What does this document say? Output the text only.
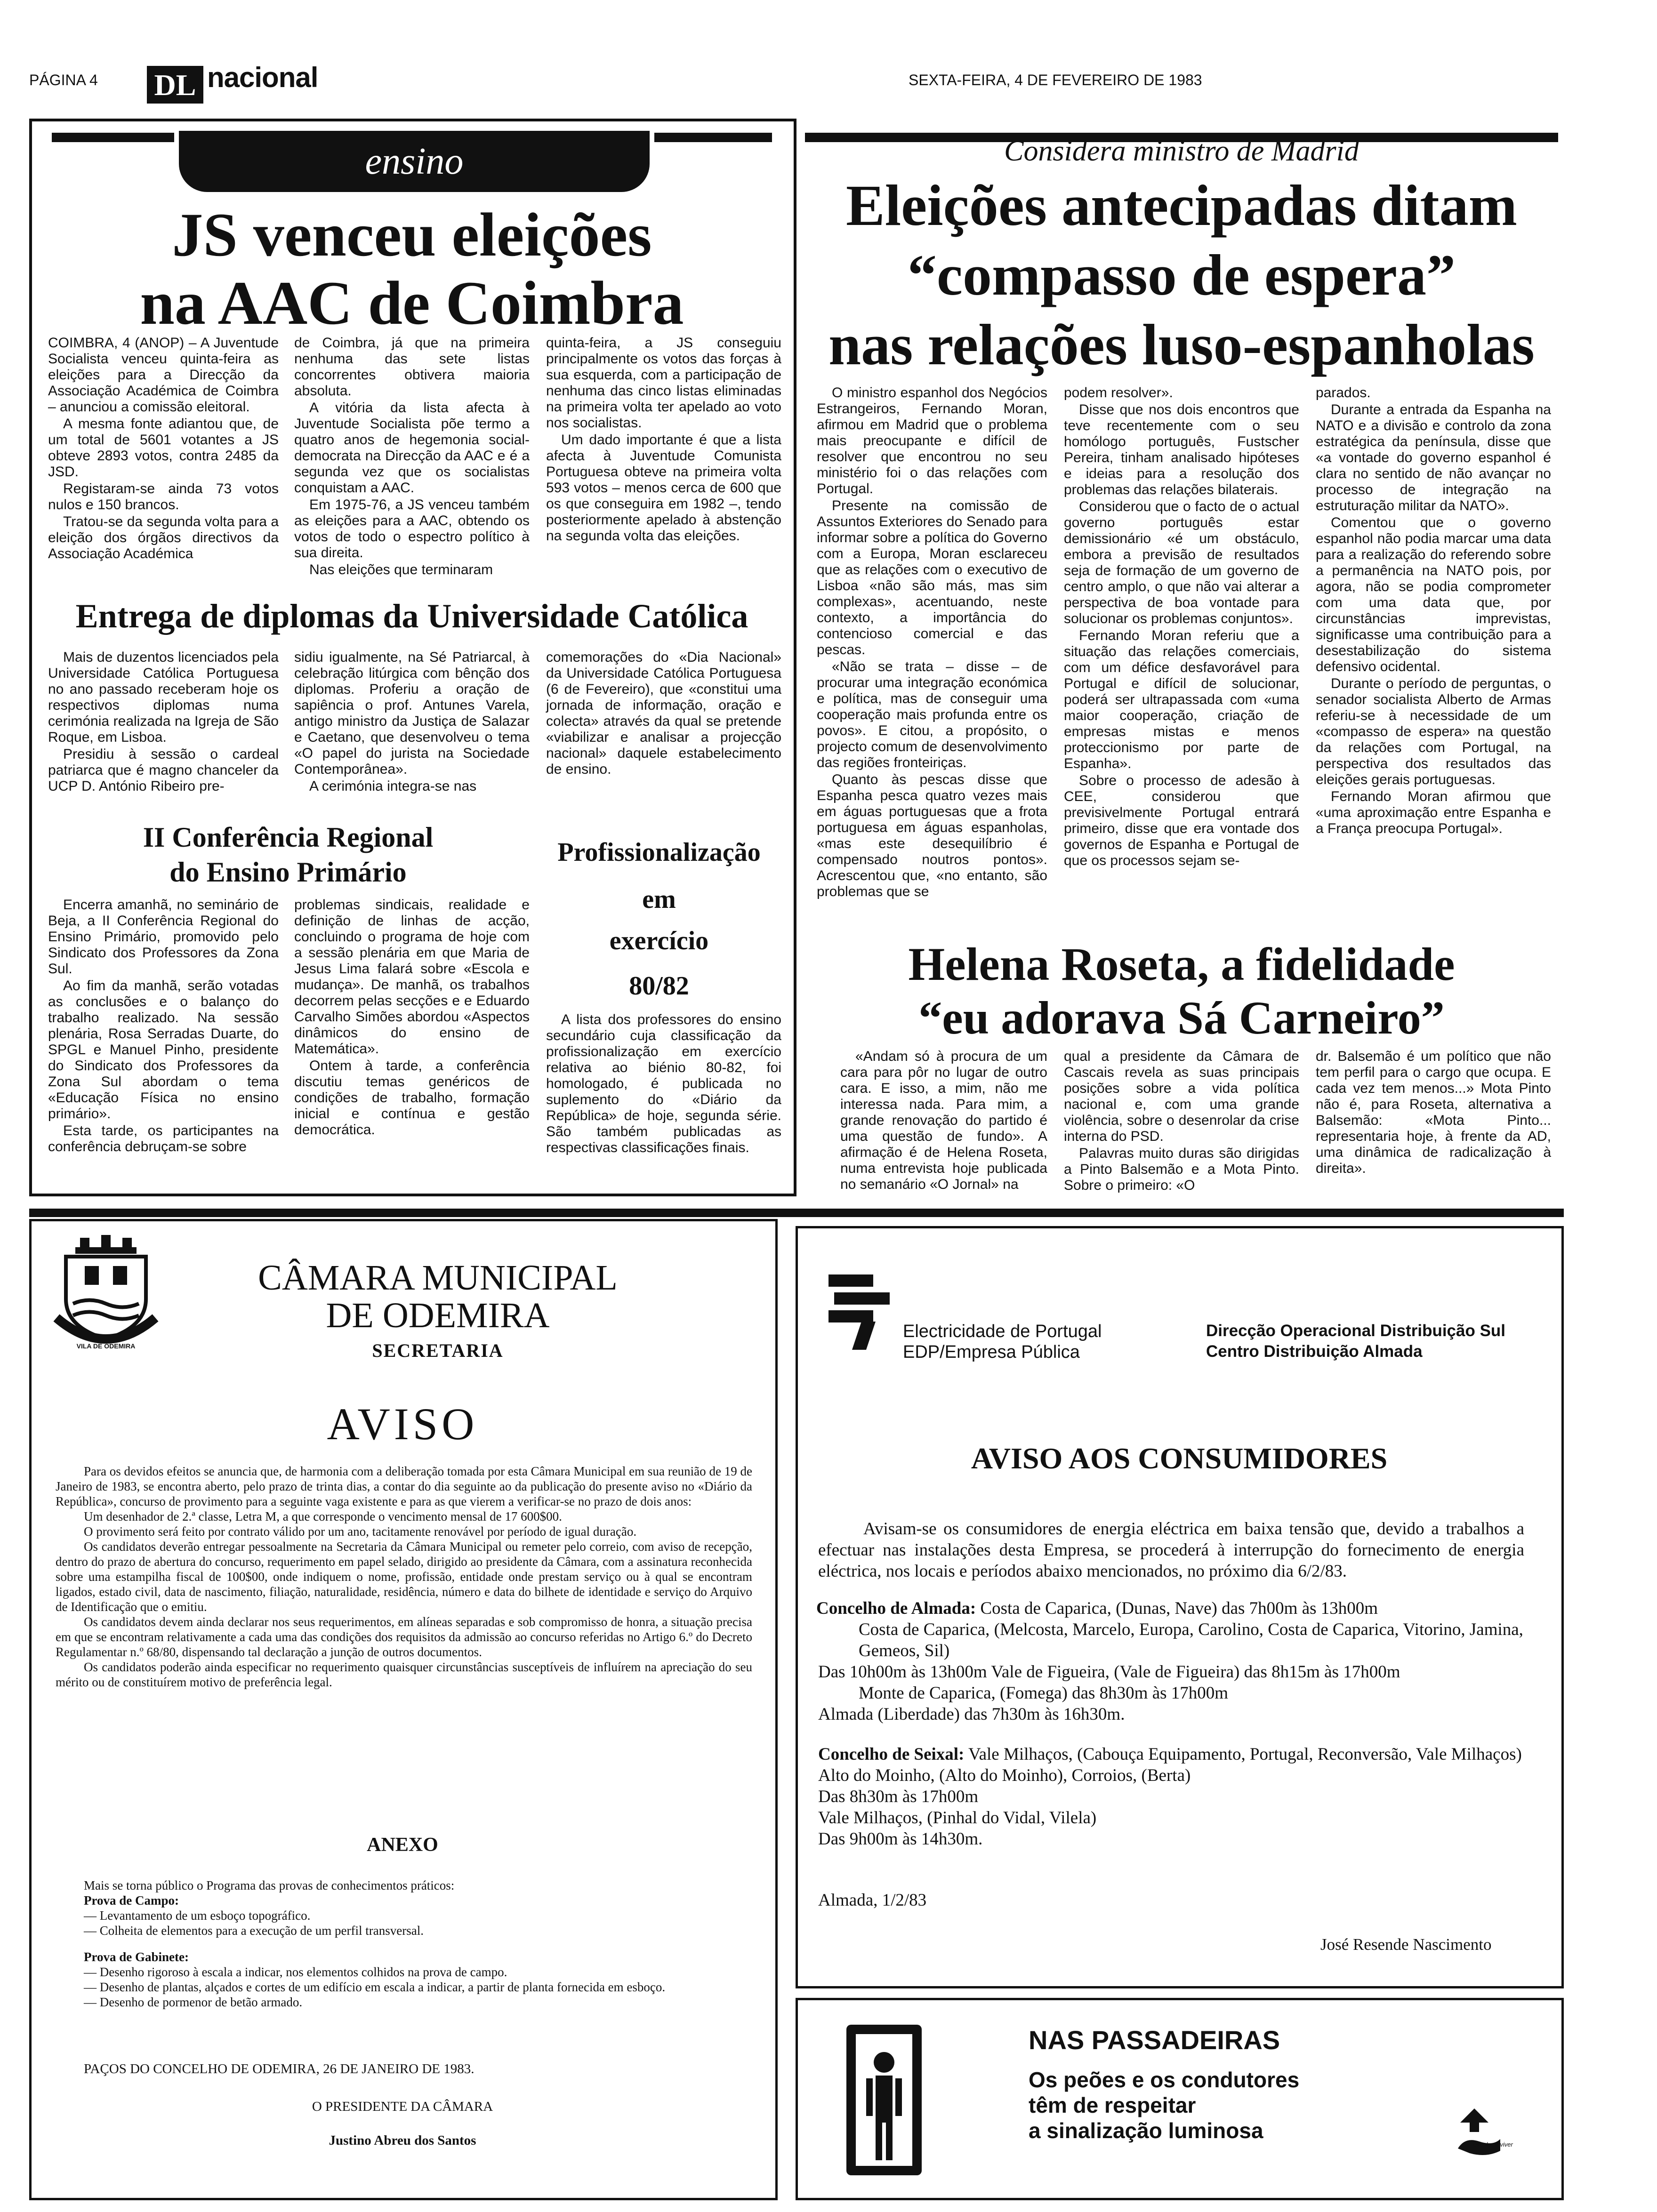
PÁGINA 4 DL nacional	SEXTA-FEIRA, 4 DE FEVEREIRO DE 1983
ensino
JS venceu eleições
na AAC de Coimbra

COIMBRA, 4 (ANOP) – A Juventude Socialista venceu quinta-feira as eleições para a Direcção da Associação Académica de Coimbra – anunciou a comissão eleitoral.

A mesma fonte adiantou que, de um total de 5601 votantes a JS obteve 2893 votos, contra 2485 da JSD.

Registaram-se ainda 73 votos nulos e 150 brancos.

Tratou-se da segunda volta para a eleição dos órgãos directivos da Associação Académica

de Coimbra, já que na primeira nenhuma das sete listas concorrentes obtivera maioria absoluta.

A vitória da lista afecta à Juventude Socialista põe termo a quatro anos de hegemonia social-democrata na Direcção da AAC e é a segunda vez que os socialistas conquistam a AAC.

Em 1975-76, a JS venceu também as eleições para a AAC, obtendo os votos de todo o espectro político à sua direita.

Nas eleições que terminaram

quinta-feira, a JS conseguiu principalmente os votos das forças à sua esquerda, com a participação de nenhuma das cinco listas eliminadas na primeira volta ter apelado ao voto nos socialistas.

Um dado importante é que a lista afecta à Juventude Comunista Portuguesa obteve na primeira volta 593 votos – menos cerca de 600 que os que conseguira em 1982 –, tendo posteriormente apelado à abstenção na segunda volta das eleições.

Entrega de diplomas da Universidade Católica

Mais de duzentos licenciados pela Universidade Católica Portuguesa no ano passado receberam hoje os respectivos diplomas numa cerimónia realizada na Igreja de São Roque, em Lisboa.

Presidiu à sessão o cardeal patriarca que é magno chanceler da UCP D. António Ribeiro pre-

sidiu igualmente, na Sé Patriarcal, à celebração litúrgica com bênção dos diplomas. Proferiu a oração de sapiência o prof. Antunes Varela, antigo ministro da Justiça de Salazar e Caetano, que desenvolveu o tema «O papel do jurista na Sociedade Contemporânea».

A cerimónia integra-se nas

comemorações do «Dia Nacional» da Universidade Católica Portuguesa (6 de Fevereiro), que «constitui uma jornada de informação, oração e colecta» através da qual se pretende «viabilizar e analisar a projecção nacional» daquele estabelecimento de ensino.

II Conferência Regional
do Ensino Primário

Encerra amanhã, no seminário de Beja, a II Conferência Regional do Ensino Primário, promovido pelo Sindicato dos Professores da Zona Sul.

Ao fim da manhã, serão votadas as conclusões e o balanço do trabalho realizado. Na sessão plenária, Rosa Serradas Duarte, do SPGL e Manuel Pinho, presidente do Sindicato dos Professores da Zona Sul abordam o tema «Educação Física no ensino primário».

Esta tarde, os participantes na conferência debruçam-se sobre

problemas sindicais, realidade e definição de linhas de acção, concluindo o programa de hoje com a sessão plenária em que Maria de Jesus Lima falará sobre «Escola e mudança». De manhã, os trabalhos decorrem pelas secções e e Eduardo Carvalho Simões abordou «Aspectos dinâmicos do ensino de Matemática».

Ontem à tarde, a conferência discutiu temas genéricos de condições de trabalho, formação inicial e contínua e gestão democrática.

Profissionalização
em
exercício
80/82

A lista dos professores do ensino secundário cuja classificação da profissionalização em exercício relativa ao biénio 80-82, foi homologado, é publicada no suplemento do «Diário da República» de hoje, segunda série. São também publicadas as respectivas classificações finais.

Considera ministro de Madrid
Eleições antecipadas ditam
“compasso de espera”
nas relações luso-espanholas

O ministro espanhol dos Negócios Estrangeiros, Fernando Moran, afirmou em Madrid que o problema mais preocupante e difícil de resolver que encontrou no seu ministério foi o das relações com Portugal.

Presente na comissão de Assuntos Exteriores do Senado para informar sobre a política do Governo com a Europa, Moran esclareceu que as relações com o executivo de Lisboa «não são más, mas sim complexas», acentuando, neste contexto, a importância do contencioso comercial e das pescas.

«Não se trata – disse – de procurar uma integração económica e política, mas de conseguir uma cooperação mais profunda entre os povos». E citou, a propósito, o projecto comum de desenvolvimento das regiões fronteiriças.

Quanto às pescas disse que Espanha pesca quatro vezes mais em águas portuguesas que a frota portuguesa em águas espanholas, «mas este desequilíbrio é compensado noutros pontos». Acrescentou que, «no entanto, são problemas que se

podem resolver».

Disse que nos dois encontros que teve recentemente com o seu homólogo português, Fustscher Pereira, tinham analisado hipóteses e ideias para a resolução dos problemas das relações bilaterais.

Considerou que o facto de o actual governo português estar demissionário «é um obstáculo, embora a previsão de resultados seja de formação de um governo de centro amplo, o que não vai alterar a perspectiva de boa vontade para solucionar os problemas conjuntos».

Fernando Moran referiu que a situação das relações comerciais, com um défice desfavorável para Portugal e difícil de solucionar, poderá ser ultrapassada com «uma maior cooperação, criação de empresas mistas e menos proteccionismo por parte de Espanha».

Sobre o processo de adesão à CEE, considerou que previsivelmente Portugal entrará primeiro, disse que era vontade dos governos de Espanha e Portugal de que os processos sejam se-

parados.

Durante a entrada da Espanha na NATO e a divisão e controlo da zona estratégica da península, disse que «a vontade do governo espanhol é clara no sentido de não avançar no processo de integração na estruturação militar da NATO».

Comentou que o governo espanhol não podia marcar uma data para a realização do referendo sobre a permanência na NATO pois, por agora, não se podia comprometer com uma data que, por circunstâncias imprevistas, significasse uma contribuição para a desestabilização do sistema defensivo ocidental.

Durante o período de perguntas, o senador socialista Alberto de Armas referiu-se à necessidade de um «compasso de espera» na questão da relações com Portugal, na perspectiva dos resultados das eleições gerais portuguesas.

Fernando Moran afirmou que «uma aproximação entre Espanha e a França preocupa Portugal».

Helena Roseta, a fidelidade
“eu adorava Sá Carneiro”

«Andam só à procura de um cara para pôr no lugar de outro cara. E isso, a mim, não me interessa nada. Para mim, a grande renovação do partido é uma questão de fundo». A afirmação é de Helena Roseta, numa entrevista hoje publicada no semanário «O Jornal» na

qual a presidente da Câmara de Cascais revela as suas principais posições sobre a vida política nacional e, com uma grande violência, sobre o desenrolar da crise interna do PSD.

Palavras muito duras são dirigidas a Pinto Balsemão e a Mota Pinto. Sobre o primeiro: «O

dr. Balsemão é um político que não tem perfil para o cargo que ocupa. E cada vez tem menos...» Mota Pinto não é, para Roseta, alternativa a Balsemão: «Mota Pinto... representaria hoje, à frente da AD, uma dinâmica de radicalização à direita».

VILA DE ODEMIRA
CÂMARA MUNICIPAL
DE ODEMIRA
SECRETARIA
AVISO

Para os devidos efeitos se anuncia que, de harmonia com a deliberação tomada por esta Câmara Municipal em sua reunião de 19 de Janeiro de 1983, se encontra aberto, pelo prazo de trinta dias, a contar do dia seguinte ao da publicação do presente aviso no «Diário da República», concurso de provimento para a seguinte vaga existente e para as que vierem a verificar-se no prazo de dois anos:

Um desenhador de 2.ª classe, Letra M, a que corresponde o vencimento mensal de 17 600$00.

O provimento será feito por contrato válido por um ano, tacitamente renovável por período de igual duração.

Os candidatos deverão entregar pessoalmente na Secretaria da Câmara Municipal ou remeter pelo correio, com aviso de recepção, dentro do prazo de abertura do concurso, requerimento em papel selado, dirigido ao presidente da Câmara, com a assinatura reconhecida sobre uma estampilha fiscal de 100$00, onde indiquem o nome, profissão, entidade onde prestam serviço ou à qual se encontram ligados, estado civil, data de nascimento, filiação, naturalidade, residência, número e data do bilhete de identidade e serviço do Arquivo de Identificação que o emitiu.

Os candidatos devem ainda declarar nos seus requerimentos, em alíneas separadas e sob compromisso de honra, a situação precisa em que se encontram relativamente a cada uma das condições dos requisitos da admissão ao concurso referidas no Artigo 6.º do Decreto Regulamentar n.º 68/80, dispensando tal declaração a junção de outros documentos.

Os candidatos poderão ainda especificar no requerimento quaisquer circunstâncias susceptíveis de influírem na apreciação do seu mérito ou de constituírem motivo de preferência legal.

ANEXO
Mais se torna público o Programa das provas de conhecimentos práticos:
Prova de Campo:
— Levantamento de um esboço topográfico.
— Colheita de elementos para a execução de um perfil transversal.
Prova de Gabinete:
— Desenho rigoroso à escala a indicar, nos elementos colhidos na prova de campo.
— Desenho de plantas, alçados e cortes de um edifício em escala a indicar, a partir de planta fornecida em esboço.
— Desenho de pormenor de betão armado.
PAÇOS DO CONCELHO DE ODEMIRA, 26 DE JANEIRO DE 1983.
O PRESIDENTE DA CÂMARA
Justino Abreu dos Santos
Electricidade de Portugal
EDP/Empresa Pública
Direcção Operacional Distribuição Sul
Centro Distribuição Almada
AVISO AOS CONSUMIDORES

Avisam-se os consumidores de energia eléctrica em baixa tensão que, devido a trabalhos a efectuar nas instalações desta Empresa, se procederá à interrupção do fornecimento de energia eléctrica, nos locais e períodos abaixo mencionados, no próximo dia 6/2/83.

Concelho de Almada: Costa de Caparica, (Dunas, Nave) das 7h00m às 13h00m
Costa de Caparica, (Melcosta, Marcelo, Europa, Carolino, Costa de Caparica, Vitorino, Jamina, Gemeos, Sil)
Das 10h00m às 13h00m Vale de Figueira, (Vale de Figueira) das 8h15m às 17h00m
Monte de Caparica, (Fomega) das 8h30m às 17h00m
Almada (Liberdade) das 7h30m às 16h30m.
Concelho de Seixal: Vale Milhaços, (Cabouça Equipamento, Portugal, Reconversão, Vale Milhaços) Alto do Moinho, (Alto do Moinho), Corroios, (Berta)
Das 8h30m às 17h00m
Vale Milhaços, (Pinhal do Vidal, Vilela)
Das 9h00m às 14h30m.
Almada, 1/2/83
José Resende Nascimento
NAS PASSADEIRAS
Os peões e os condutores
têm de respeitar
a sinalização luminosa
circular e viver
